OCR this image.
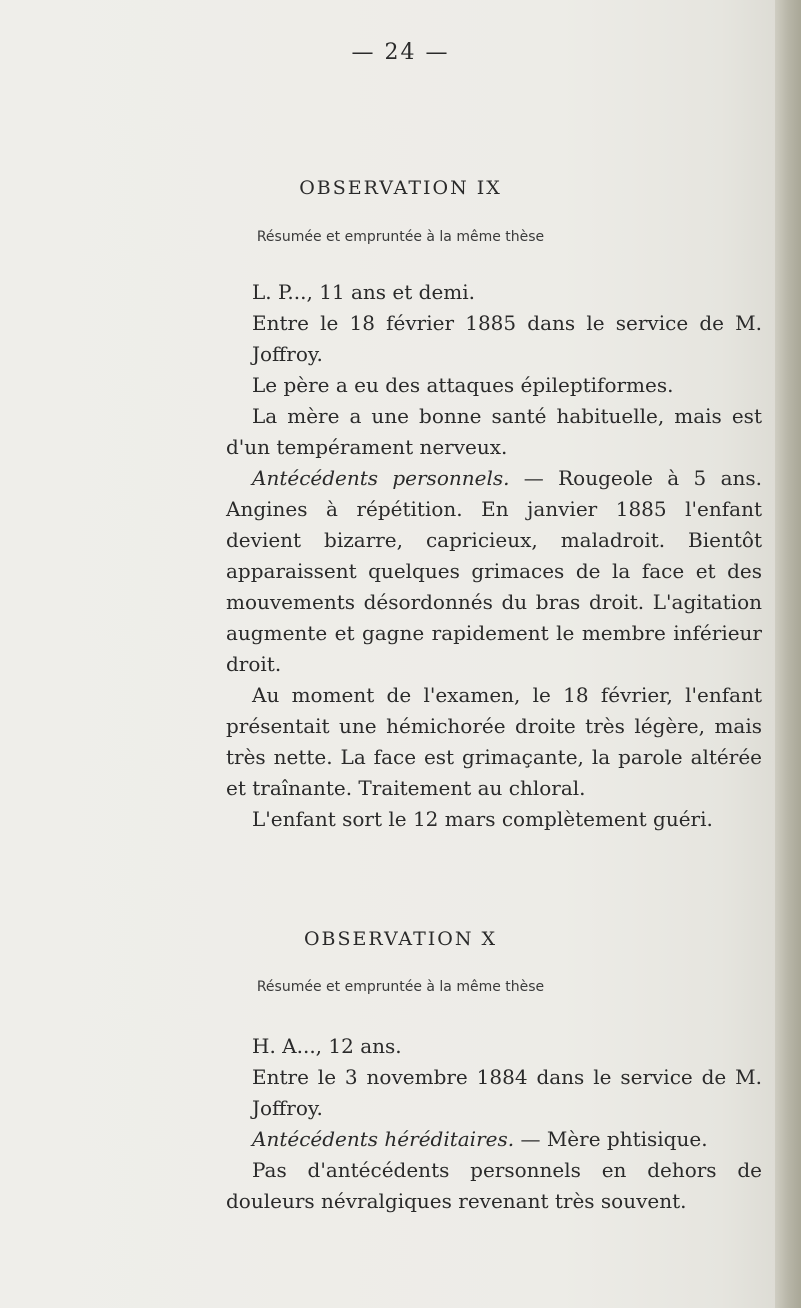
— 24 —
OBSERVATION IX
Résumée et empruntée à la même thèse

L. P..., 11 ans et demi.

Entre le 18 février 1885 dans le service de M. Joffroy.

Le père a eu des attaques épileptiformes.

La mère a une bonne santé habituelle, mais est d'un tempérament nerveux.

Antécédents personnels. — Rougeole à 5 ans. Angines à répétition. En janvier 1885 l'enfant devient bizarre, capricieux, maladroit. Bientôt apparaissent quelques grimaces de la face et des mouvements désordonnés du bras droit. L'agitation augmente et gagne rapidement le membre inférieur droit.

Au moment de l'examen, le 18 février, l'enfant présentait une hémichorée droite très légère, mais très nette. La face est grimaçante, la parole altérée et traînante. Traitement au chloral.

L'enfant sort le 12 mars complètement guéri.

OBSERVATION X
Résumée et empruntée à la même thèse

H. A..., 12 ans.

Entre le 3 novembre 1884 dans le service de M. Joffroy.

Antécédents héréditaires. — Mère phtisique.

Pas d'antécédents personnels en dehors de douleurs névralgiques revenant très souvent.
